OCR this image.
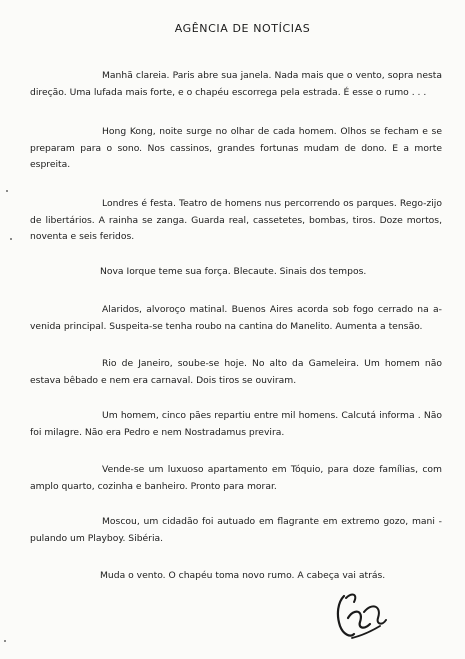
AGÊNCIA DE NOTÍCIAS

Manhã clareia. Paris abre sua janela. Nada mais que o vento, sopra nesta direção. Uma lufada mais forte, e o chapéu escorrega pela estrada. É esse o rumo . . .

Hong Kong, noite surge no olhar de cada homem. Olhos se fecham e se preparam para o sono. Nos cassinos, grandes fortunas mudam de dono. E a morte espreita.

Londres é festa. Teatro de homens nus percorrendo os parques. Rego-zijo de libertários. A rainha se zanga. Guarda real, cassetetes, bombas, tiros. Doze mortos, noventa e seis feridos.

Nova Iorque teme sua força. Blecaute. Sinais dos tempos.

Alaridos, alvoroço matinal. Buenos Aires acorda sob fogo cerrado na a-venida principal. Suspeita-se tenha roubo na cantina do Manelito. Aumenta a tensão.

Rio de Janeiro, soube-se hoje. No alto da Gameleira. Um homem não estava bêbado e nem era carnaval. Dois tiros se ouviram.

Um homem, cinco pães repartiu entre mil homens. Calcutá informa . Não foi milagre. Não era Pedro e nem Nostradamus previra.

Vende-se um luxuoso apartamento em Tóquio, para doze famílias, com amplo quarto, cozinha e banheiro. Pronto para morar.

Moscou, um cidadão foi autuado em flagrante em extremo gozo, mani - pulando um Playboy. Sibéria.

Muda o vento. O chapéu toma novo rumo. A cabeça vai atrás.
